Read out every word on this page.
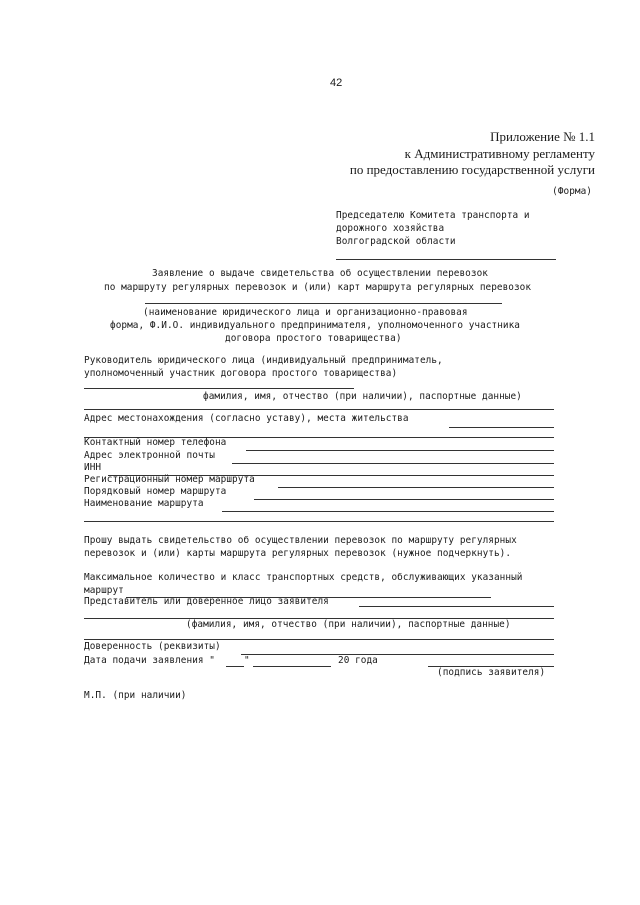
42
Приложение № 1.1
к Административному регламенту
по предоставлению государственной услуги
(Форма)
Председателю Комитета транспорта и
дорожного хозяйства
Волгоградской области
Заявление о выдаче свидетельства об осуществлении перевозок
по маршруту регулярных перевозок и (или) карт маршрута регулярных перевозок
(наименование юридического лица и организационно-правовая
форма, Ф.И.О. индивидуального предпринимателя, уполномоченного участника
договора простого товарищества)
Руководитель юридического лица (индивидуальный предприниматель,
уполномоченный участник договора простого товарищества)
фамилия, имя, отчество (при наличии), паспортные данные)
Адрес местонахождения (согласно уставу), места жительства
Контактный номер телефона
Адрес электронной почты
ИНН
Регистрационный номер маршрута
Порядковый номер маршрута
Наименование маршрута
Прошу выдать свидетельство об осуществлении перевозок по маршруту регулярных
перевозок и (или) карты маршрута регулярных перевозок (нужное подчеркнуть).
Максимальное количество и класс транспортных средств, обслуживающих указанный
маршрут
Представитель или доверенное лицо заявителя
(фамилия, имя, отчество (при наличии), паспортные данные)
Доверенность (реквизиты)
Дата подачи заявления "	"	20 года
(подпись заявителя)
М.П. (при наличии)
